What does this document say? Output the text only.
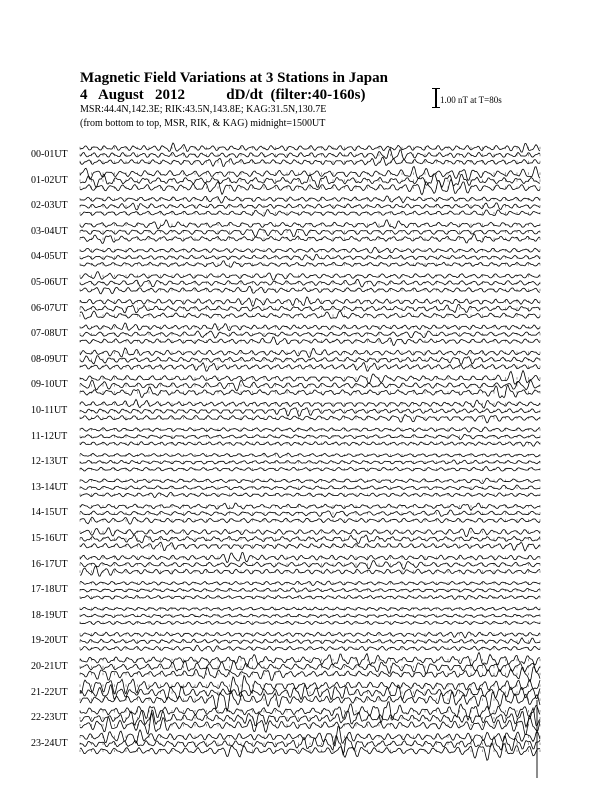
Magnetic Field Variations at 3 Stations in Japan
4 August 2012	dD/dt (filter:40-160s)
MSR:44.4N,142.3E; RIK:43.5N,143.8E; KAG:31.5N,130.7E
(from bottom to top, MSR, RIK, & KAG) midnight=1500UT
1.00 nT at T=80s
00-01UT
01-02UT
02-03UT
03-04UT
04-05UT
05-06UT
06-07UT
07-08UT
08-09UT
09-10UT
10-11UT
11-12UT
12-13UT
13-14UT
14-15UT
15-16UT
16-17UT
17-18UT
18-19UT
19-20UT
20-21UT
21-22UT
22-23UT
23-24UT
